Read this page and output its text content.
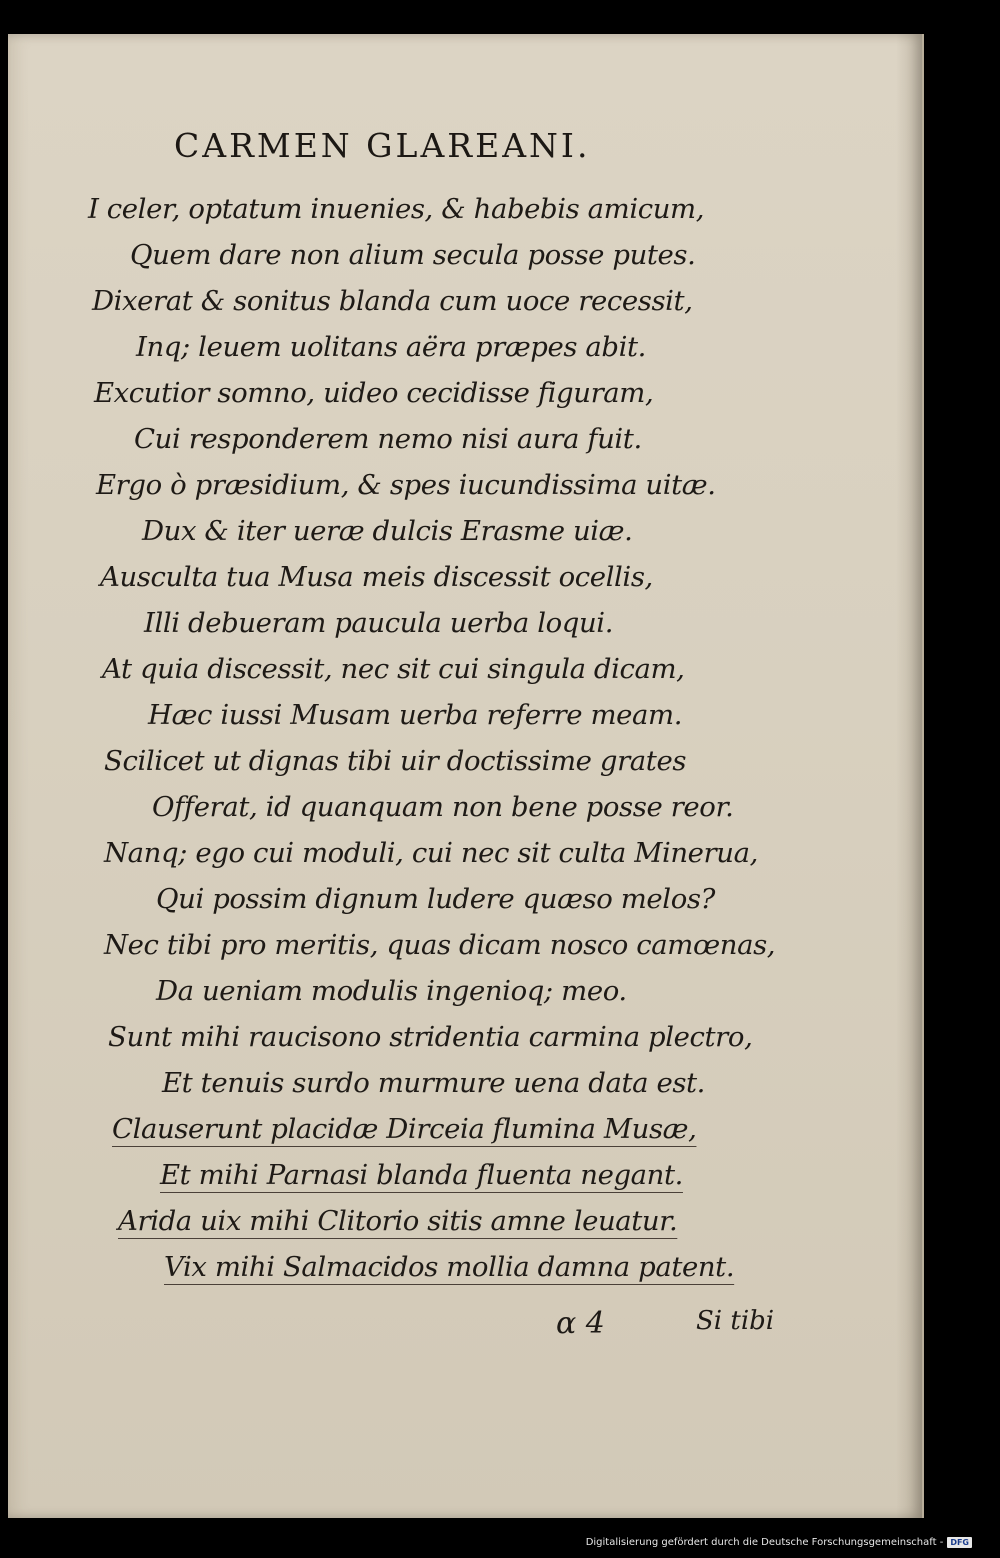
CARMEN GLAREANI.
I celer, optatum inuenies, & habebis amicum,
Quem dare non alium secula posse putes.
Dixerat & sonitus blanda cum uoce recessit,
Inq; leuem uolitans aëra præpes abit.
Excutior somno, uideo cecidisse figuram,
Cui responderem nemo nisi aura fuit.
Ergo ò præsidium, & spes iucundissima uitæ.
Dux & iter ueræ dulcis Erasme uiæ.
Ausculta tua Musa meis discessit ocellis,
Illi debueram paucula uerba loqui.
At quia discessit, nec sit cui singula dicam,
Hæc iussi Musam uerba referre meam.
Scilicet ut dignas tibi uir doctissime grates
Offerat, id quanquam non bene posse reor.
Nanq; ego cui moduli, cui nec sit culta Minerua,
Qui possim dignum ludere quæso melos?
Nec tibi pro meritis, quas dicam nosco camœnas,
Da ueniam modulis ingenioq; meo.
Sunt mihi raucisono stridentia carmina plectro,
Et tenuis surdo murmure uena data est.
Clauserunt placidæ Dirceia flumina Musæ,
Et mihi Parnasi blanda fluenta negant.
Arida uix mihi Clitorio sitis amne leuatur.
Vix mihi Salmacidos mollia damna patent.
α 4	Si tibi
Digitalisierung gefördert durch die Deutsche Forschungsgemeinschaft - DFG
